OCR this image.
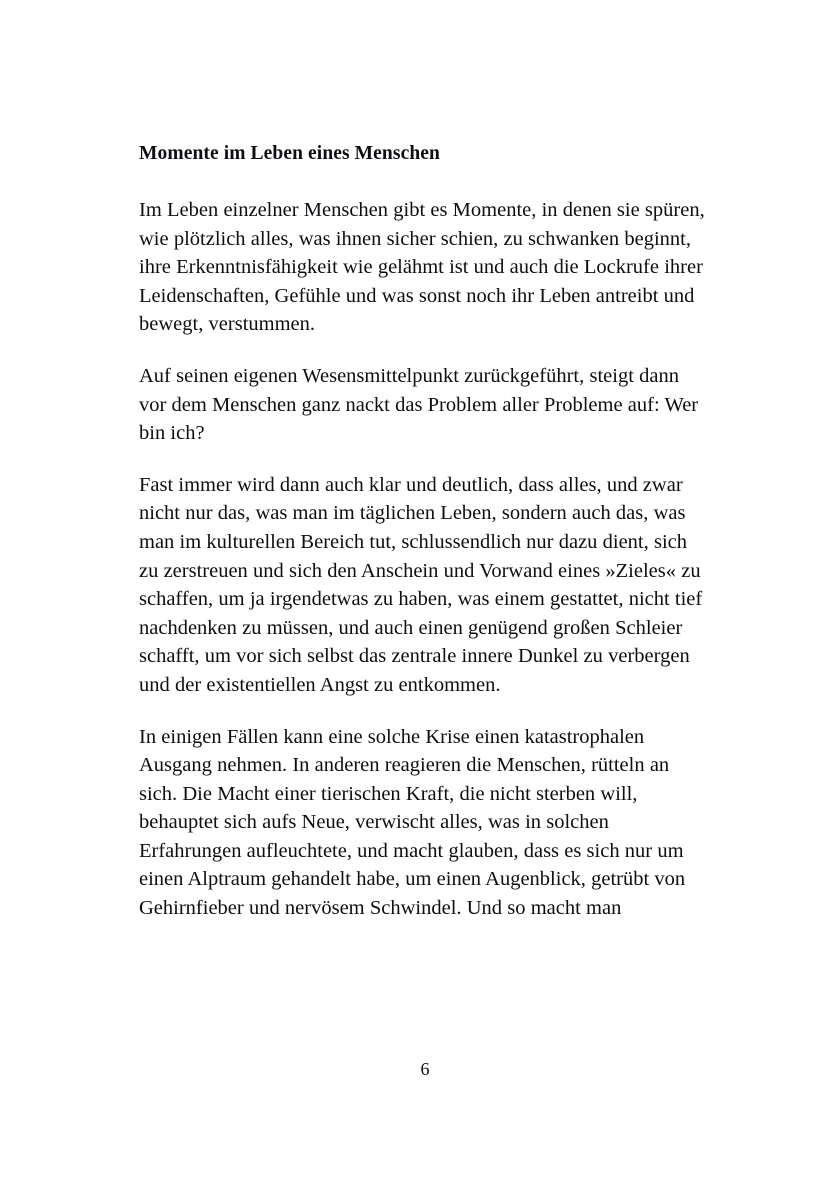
Momente im Leben eines Menschen

Im Leben einzelner Menschen gibt es Momente, in denen sie spüren, wie plötzlich alles, was ihnen sicher schien, zu schwanken beginnt, ihre Erkenntnisfähigkeit wie gelähmt ist und auch die Lockrufe ihrer Leidenschaften, Gefühle und was sonst noch ihr Leben antreibt und bewegt, verstummen.

Auf seinen eigenen Wesensmittelpunkt zurückgeführt, steigt dann vor dem Menschen ganz nackt das Problem aller Probleme auf: Wer bin ich?

Fast immer wird dann auch klar und deutlich, dass alles, und zwar nicht nur das, was man im täglichen Leben, sondern auch das, was man im kulturellen Bereich tut, schlussendlich nur dazu dient, sich zu zerstreuen und sich den Anschein und Vorwand eines »Zieles« zu schaffen, um ja irgendetwas zu haben, was einem gestattet, nicht tief nachdenken zu müssen, und auch einen genügend großen Schleier schafft, um vor sich selbst das zentrale innere Dunkel zu verbergen und der existentiellen Angst zu entkommen.

In einigen Fällen kann eine solche Krise einen katastrophalen Ausgang nehmen. In anderen reagieren die Menschen, rütteln an sich. Die Macht einer tierischen Kraft, die nicht sterben will, behauptet sich aufs Neue, verwischt alles, was in solchen Erfahrungen aufleuchtete, und macht glauben, dass es sich nur um einen Alptraum gehandelt habe, um einen Augenblick, getrübt von Gehirnfieber und nervösem Schwindel. Und so macht man

6
